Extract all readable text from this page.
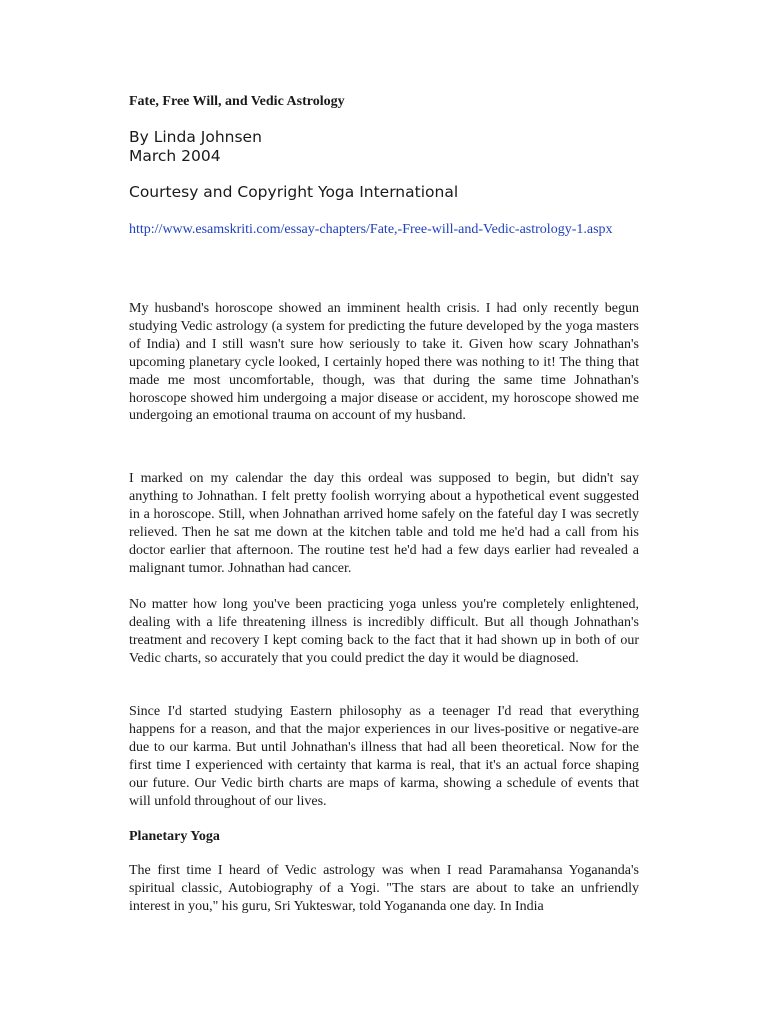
Fate, Free Will, and Vedic Astrology
By Linda Johnsen
March 2004
Courtesy and Copyright Yoga International
http://www.esamskriti.com/essay-chapters/Fate,-Free-will-and-Vedic-astrology-1.aspx

My husband's horoscope showed an imminent health crisis. I had only recently begun studying Vedic astrology (a system for predicting the future developed by the yoga masters of India) and I still wasn't sure how seriously to take it. Given how scary Johnathan's upcoming planetary cycle looked, I certainly hoped there was nothing to it! The thing that made me most uncomfortable, though, was that during the same time Johnathan's horoscope showed him undergoing a major disease or accident, my horoscope showed me undergoing an emotional trauma on account of my husband.

I marked on my calendar the day this ordeal was supposed to begin, but didn't say anything to Johnathan. I felt pretty foolish worrying about a hypothetical event suggested in a horoscope. Still, when Johnathan arrived home safely on the fateful day I was secretly relieved. Then he sat me down at the kitchen table and told me he'd had a call from his doctor earlier that afternoon. The routine test he'd had a few days earlier had revealed a malignant tumor. Johnathan had cancer.

No matter how long you've been practicing yoga unless you're completely enlightened, dealing with a life threatening illness is incredibly difficult. But all though Johnathan's treatment and recovery I kept coming back to the fact that it had shown up in both of our Vedic charts, so accurately that you could predict the day it would be diagnosed.

Since I'd started studying Eastern philosophy as a teenager I'd read that everything happens for a reason, and that the major experiences in our lives-positive or negative-are due to our karma. But until Johnathan's illness that had all been theoretical. Now for the first time I experienced with certainty that karma is real, that it's an actual force shaping our future. Our Vedic birth charts are maps of karma, showing a schedule of events that will unfold throughout of our lives.

Planetary Yoga

The first time I heard of Vedic astrology was when I read Paramahansa Yogananda's spiritual classic, Autobiography of a Yogi. "The stars are about to take an unfriendly interest in you," his guru, Sri Yukteswar, told Yogananda one day. In India
